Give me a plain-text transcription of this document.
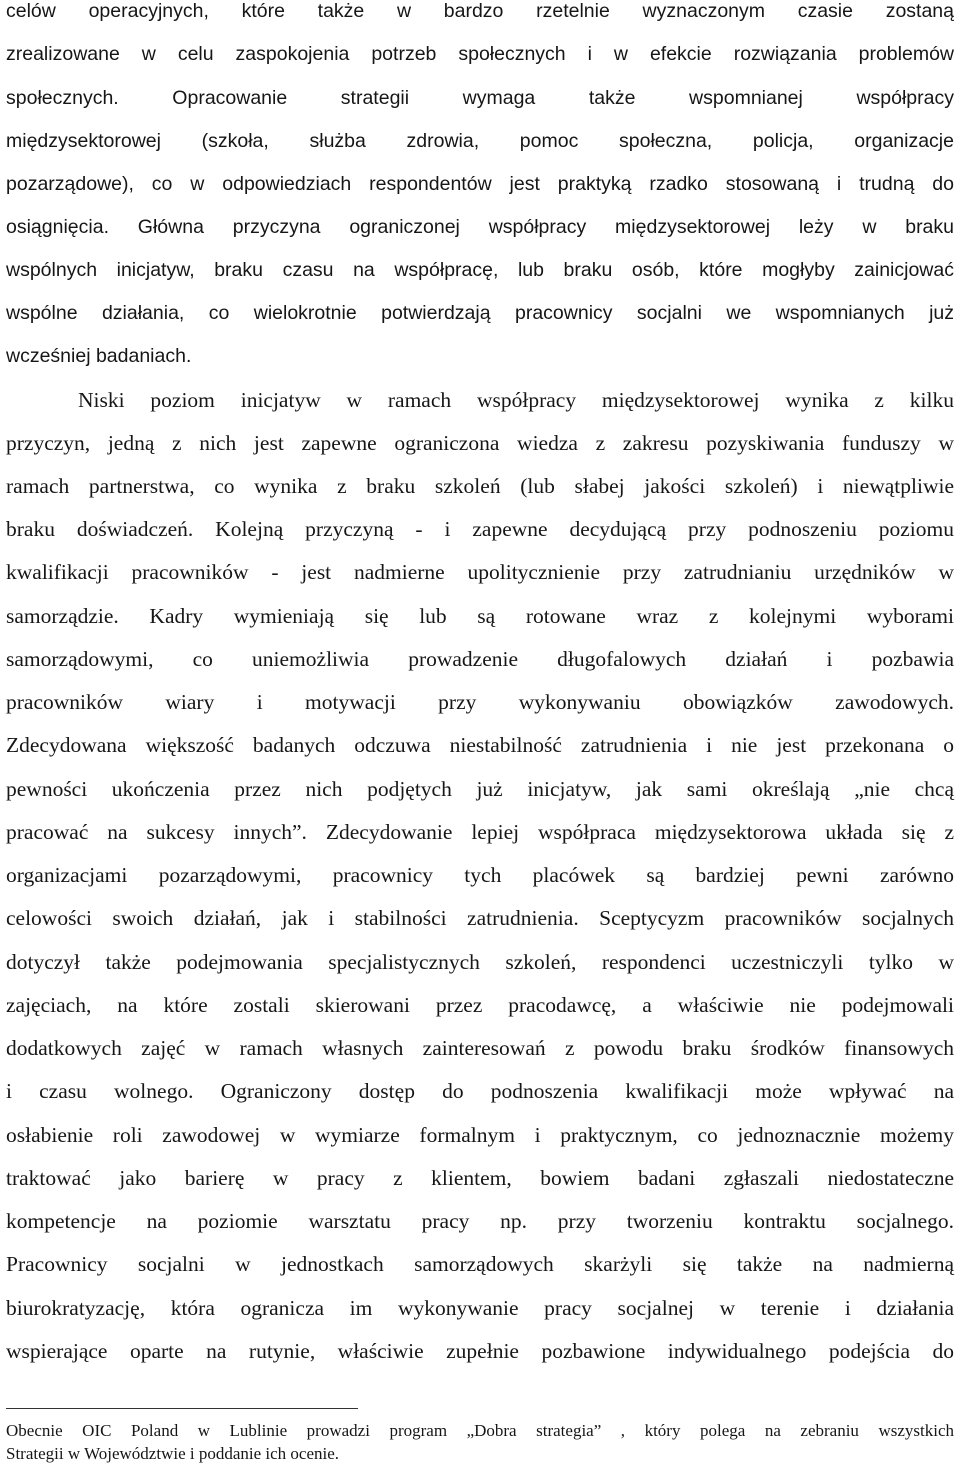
celów operacyjnych, które także w bardzo rzetelnie wyznaczonym czasie zostaną
zrealizowane w celu zaspokojenia potrzeb społecznych i w efekcie rozwiązania problemów
społecznych. Opracowanie strategii wymaga także wspomnianej współpracy
międzysektorowej (szkoła, służba zdrowia, pomoc społeczna, policja, organizacje
pozarządowe), co w odpowiedziach respondentów jest praktyką rzadko stosowaną i trudną do
osiągnięcia. Główna przyczyna ograniczonej współpracy międzysektorowej leży w braku
wspólnych inicjatyw, braku czasu na współpracę, lub braku osób, które mogłyby zainicjować
wspólne działania, co wielokrotnie potwierdzają pracownicy socjalni we wspomnianych już
wcześniej badaniach.
Niski poziom inicjatyw w ramach współpracy międzysektorowej wynika z kilku
przyczyn, jedną z nich jest zapewne ograniczona wiedza z zakresu pozyskiwania funduszy w
ramach partnerstwa, co wynika z braku szkoleń (lub słabej jakości szkoleń) i niewątpliwie
braku doświadczeń. Kolejną przyczyną - i zapewne decydującą przy podnoszeniu poziomu
kwalifikacji pracowników - jest nadmierne upolitycznienie przy zatrudnianiu urzędników w
samorządzie. Kadry wymieniają się lub są rotowane wraz z kolejnymi wyborami
samorządowymi, co uniemożliwia prowadzenie długofalowych działań i pozbawia
pracowników wiary i motywacji przy wykonywaniu obowiązków zawodowych.
Zdecydowana większość badanych odczuwa niestabilność zatrudnienia i nie jest przekonana o
pewności ukończenia przez nich podjętych już inicjatyw, jak sami określają „nie chcą
pracować na sukcesy innych”. Zdecydowanie lepiej współpraca międzysektorowa układa się z
organizacjami pozarządowymi, pracownicy tych placówek są bardziej pewni zarówno
celowości swoich działań, jak i stabilności zatrudnienia. Sceptycyzm pracowników socjalnych
dotyczył także podejmowania specjalistycznych szkoleń, respondenci uczestniczyli tylko w
zajęciach, na które zostali skierowani przez pracodawcę, a właściwie nie podejmowali
dodatkowych zajęć w ramach własnych zainteresowań z powodu braku środków finansowych
i czasu wolnego. Ograniczony dostęp do podnoszenia kwalifikacji może wpływać na
osłabienie roli zawodowej w wymiarze formalnym i praktycznym, co jednoznacznie możemy
traktować jako barierę w pracy z klientem, bowiem badani zgłaszali niedostateczne
kompetencje na poziomie warsztatu pracy np. przy tworzeniu kontraktu socjalnego.
Pracownicy socjalni w jednostkach samorządowych skarżyli się także na nadmierną
biurokratyzację, która ogranicza im wykonywanie pracy socjalnej w terenie i działania
wspierające oparte na rutynie, właściwie zupełnie pozbawione indywidualnego podejścia do
Obecnie OIC Poland w Lublinie prowadzi program „Dobra strategia” , który polega na zebraniu wszystkich
Strategii w Województwie i poddanie ich ocenie.
